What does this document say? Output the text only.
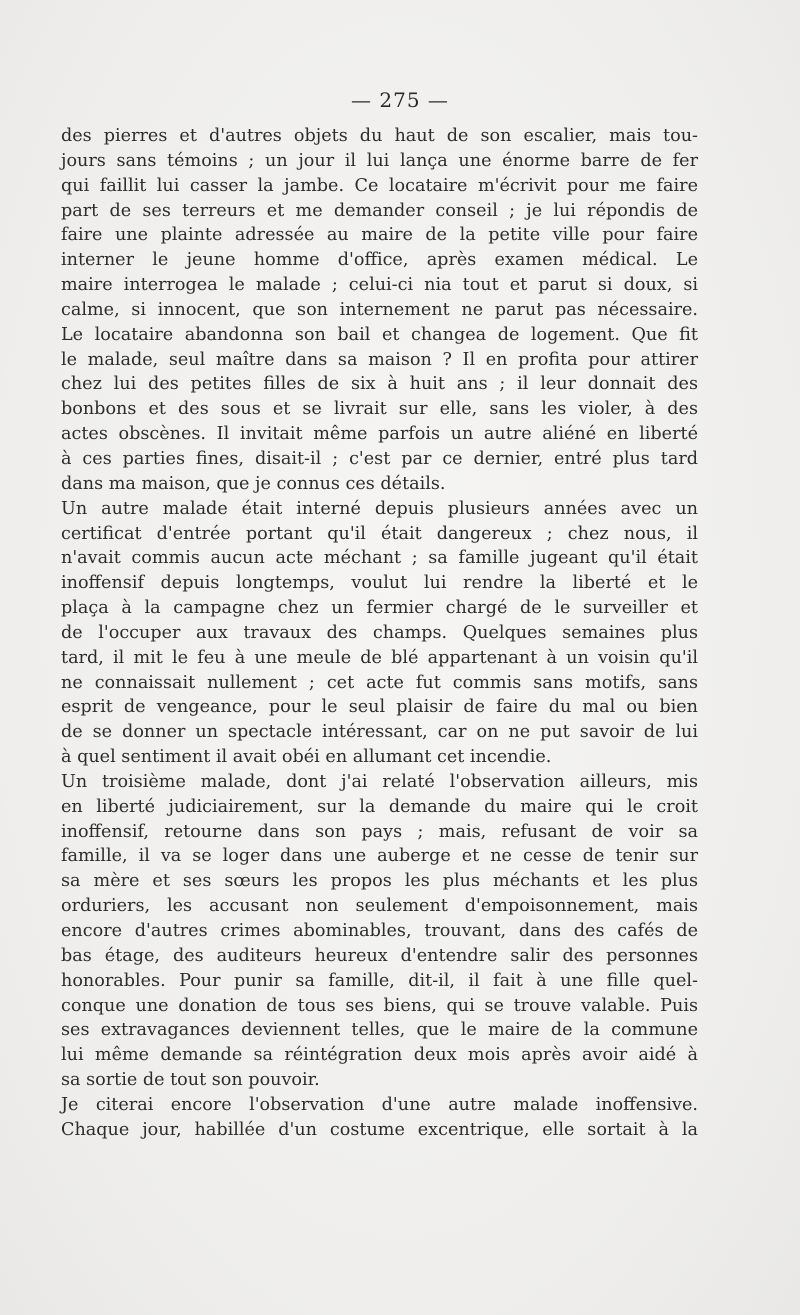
— 275 —

des pierres et d'autres objets du haut de son escalier, mais tou-

jours sans témoins ; un jour il lui lança une énorme barre de fer

qui faillit lui casser la jambe. Ce locataire m'écrivit pour me faire

part de ses terreurs et me demander conseil ; je lui répondis de

faire une plainte adressée au maire de la petite ville pour faire

interner le jeune homme d'office, après examen médical. Le

maire interrogea le malade ; celui-ci nia tout et parut si doux, si

calme, si innocent, que son internement ne parut pas nécessaire.

Le locataire abandonna son bail et changea de logement. Que fit

le malade, seul maître dans sa maison ? Il en profita pour attirer

chez lui des petites filles de six à huit ans ; il leur donnait des

bonbons et des sous et se livrait sur elle, sans les violer, à des

actes obscènes. Il invitait même parfois un autre aliéné en liberté

à ces parties fines, disait-il ; c'est par ce dernier, entré plus tard

dans ma maison, que je connus ces détails.

Un autre malade était interné depuis plusieurs années avec un

certificat d'entrée portant qu'il était dangereux ; chez nous, il

n'avait commis aucun acte méchant ; sa famille jugeant qu'il était

inoffensif depuis longtemps, voulut lui rendre la liberté et le

plaça à la campagne chez un fermier chargé de le surveiller et

de l'occuper aux travaux des champs. Quelques semaines plus

tard, il mit le feu à une meule de blé appartenant à un voisin qu'il

ne connaissait nullement ; cet acte fut commis sans motifs, sans

esprit de vengeance, pour le seul plaisir de faire du mal ou bien

de se donner un spectacle intéressant, car on ne put savoir de lui

à quel sentiment il avait obéi en allumant cet incendie.

Un troisième malade, dont j'ai relaté l'observation ailleurs, mis

en liberté judiciairement, sur la demande du maire qui le croit

inoffensif, retourne dans son pays ; mais, refusant de voir sa

famille, il va se loger dans une auberge et ne cesse de tenir sur

sa mère et ses sœurs les propos les plus méchants et les plus

orduriers, les accusant non seulement d'empoisonnement, mais

encore d'autres crimes abominables, trouvant, dans des cafés de

bas étage, des auditeurs heureux d'entendre salir des personnes

honorables. Pour punir sa famille, dit-il, il fait à une fille quel-

conque une donation de tous ses biens, qui se trouve valable. Puis

ses extravagances deviennent telles, que le maire de la commune

lui même demande sa réintégration deux mois après avoir aidé à

sa sortie de tout son pouvoir.

Je citerai encore l'observation d'une autre malade inoffensive.

Chaque jour, habillée d'un costume excentrique, elle sortait à la
